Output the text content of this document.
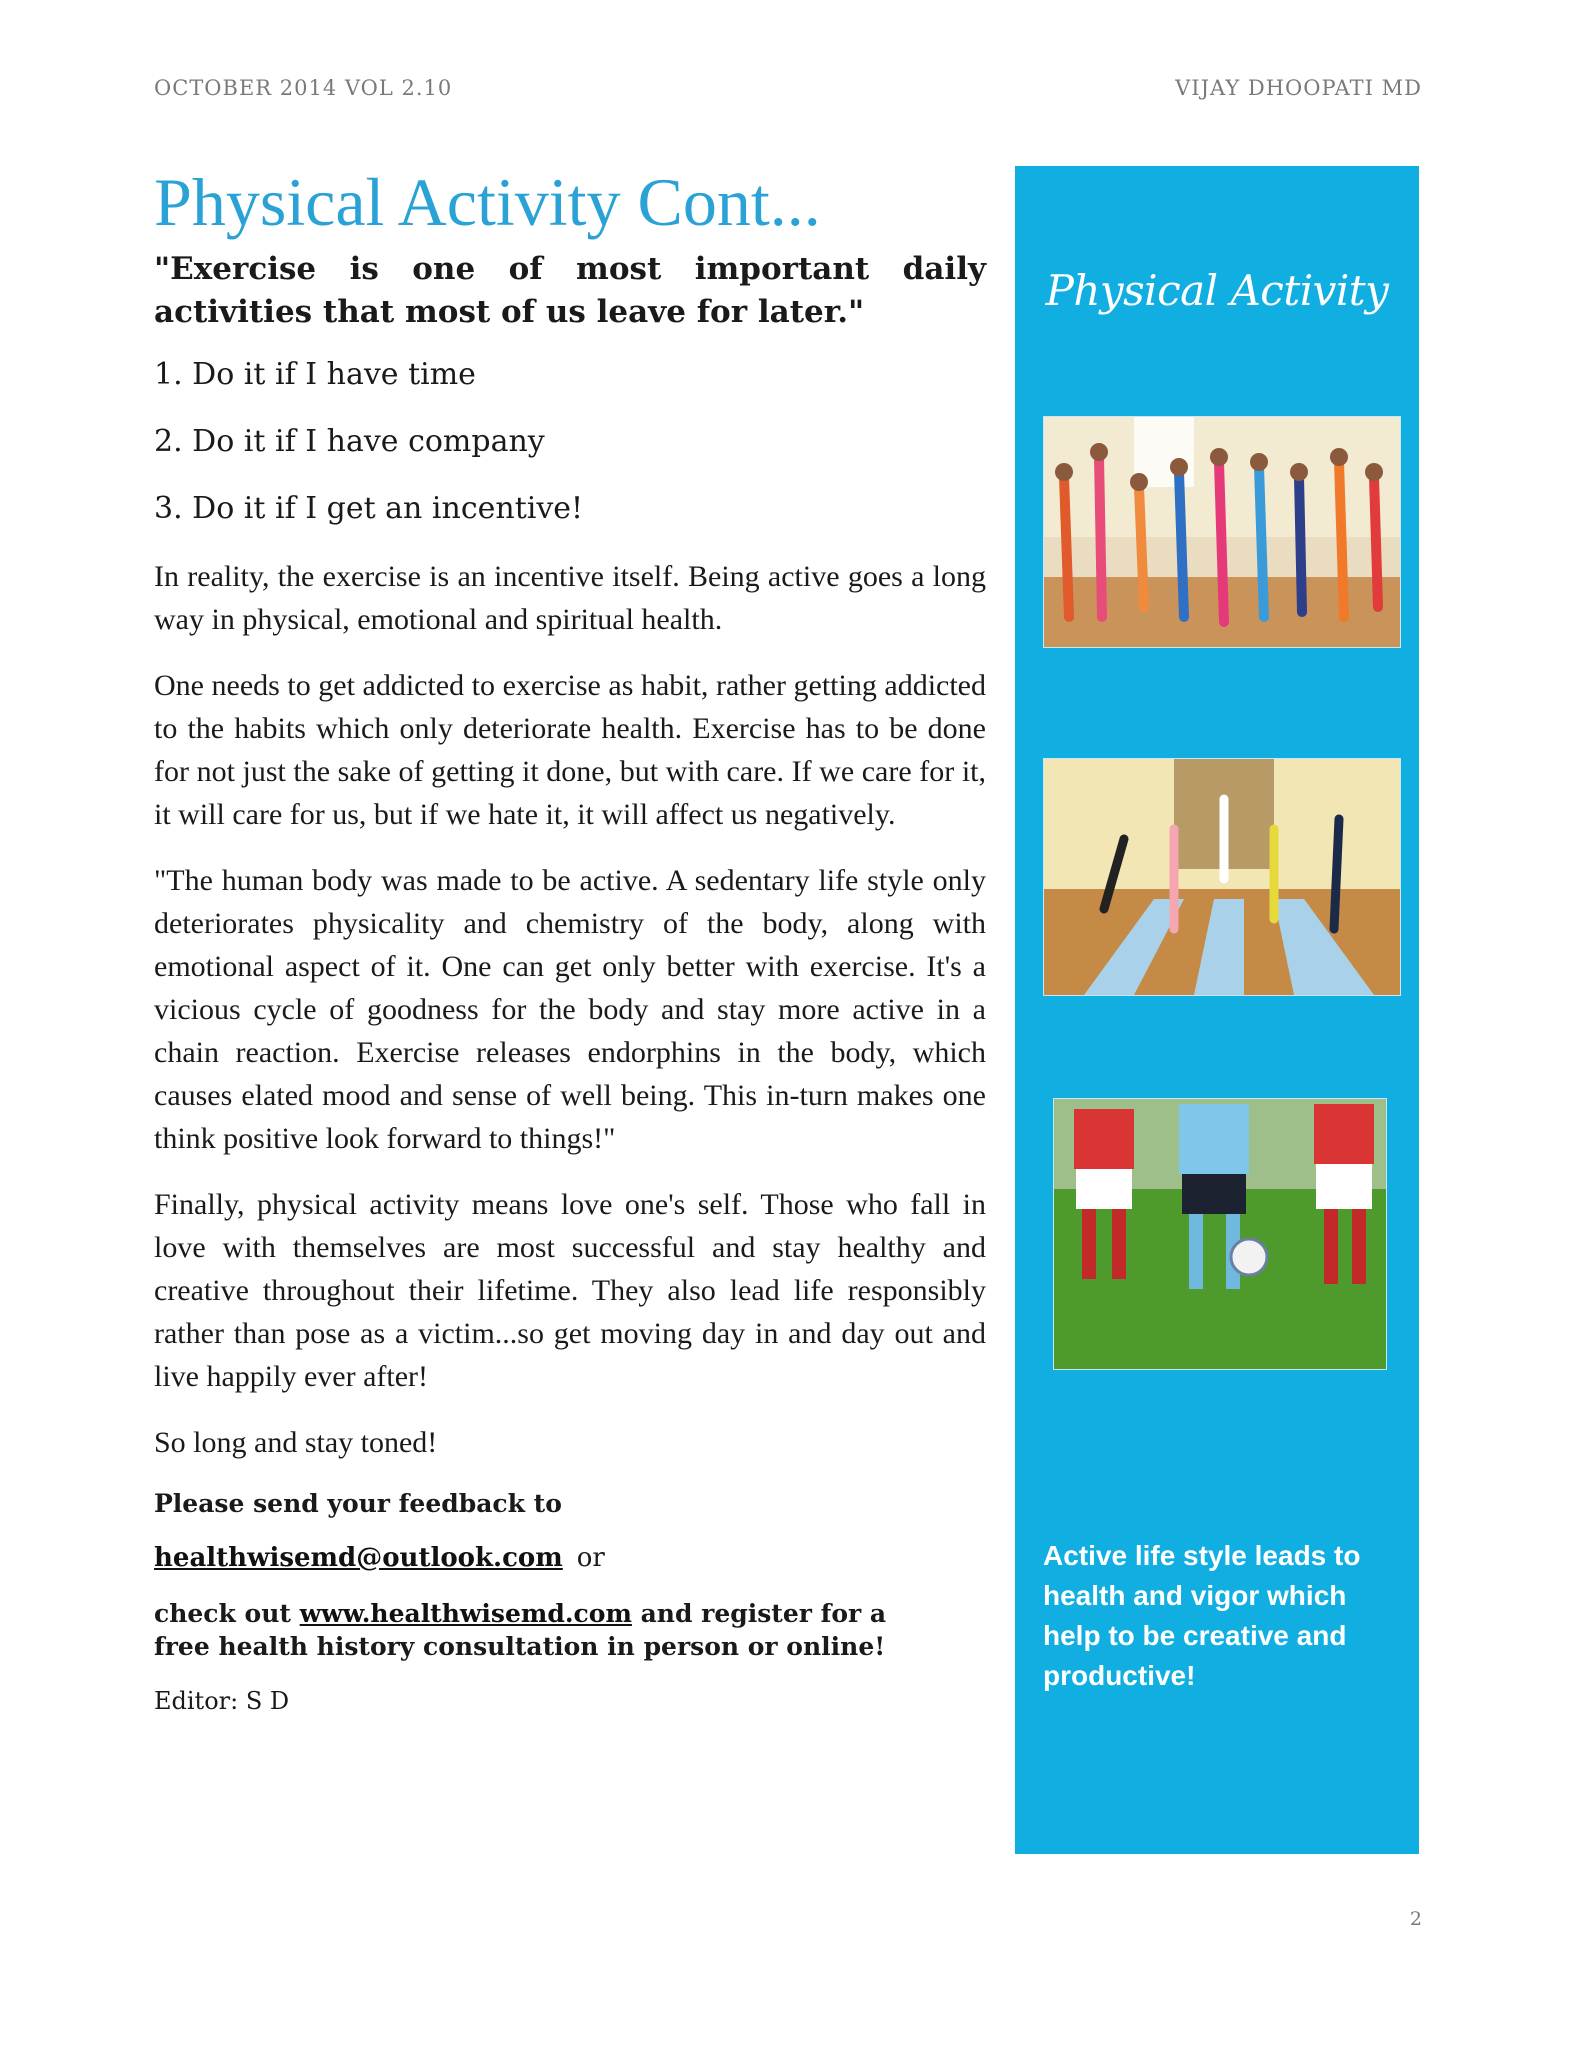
OCTOBER 2014 VOL 2.10	VIJAY DHOOPATI MD
Physical Activity Cont...

"Exercise is one of most important daily activities that most of us leave for later."

1. Do it if I have time

2. Do it if I have company

3. Do it if I get an incentive!

In reality, the exercise is an incentive itself. Being active goes a long way in physical, emotional and spiritual health.

One needs to get addicted to exercise as habit, rather getting addicted to the habits which only deteriorate health. Exercise has to be done for not just the sake of getting it done, but with care. If we care for it, it will care for us, but if we hate it, it will affect us negatively.

"The human body was made to be active. A sedentary life style only deteriorates physicality and chemistry of the body, along with emotional aspect of it. One can get only better with exercise. It's a vicious cycle of goodness for the body and stay more active in a chain reaction. Exercise releases endorphins in the body, which causes elated mood and sense of well being. This in-turn makes one think positive look forward to things!"

Finally, physical activity means love one's self. Those who fall in love with themselves are most successful and stay healthy and creative throughout their lifetime. They also lead life responsibly rather than pose as a victim...so get moving day in and day out and live happily ever after!

So long and stay toned!

Please send your feedback to

healthwisemd@outlook.com or

check out www.healthwisemd.com and register for a free health history consultation in person or online!

Editor: S D

Physical Activity
Active life style leads to health and vigor which help to be creative and productive!
2
